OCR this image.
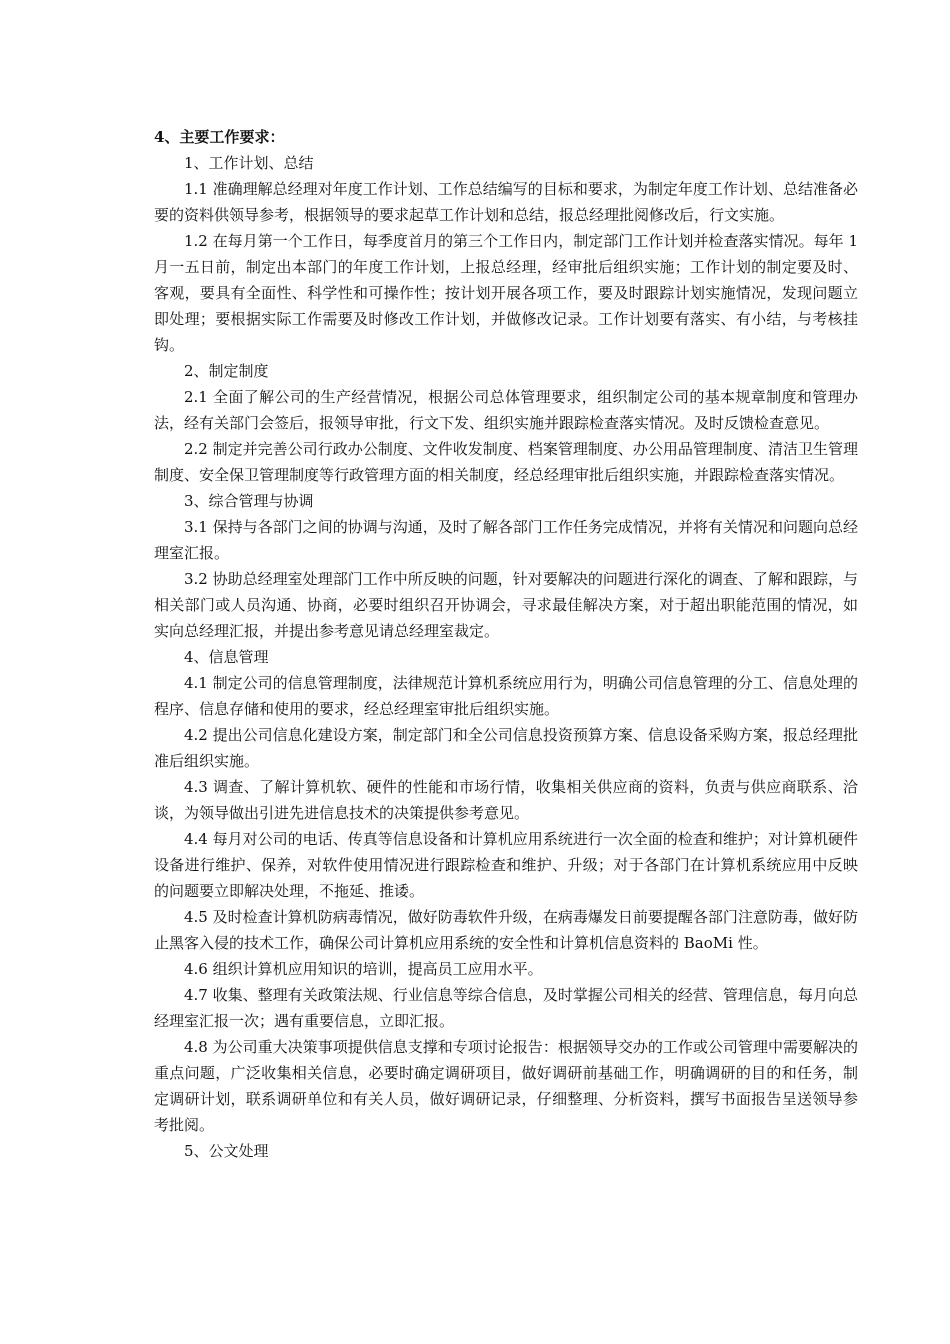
4、主要工作要求：

1、工作计划、总结

1.1 准确理解总经理对年度工作计划、工作总结编写的目标和要求，为制定年度工作计划、总结准备必要的资料供领导参考，根据领导的要求起草工作计划和总结，报总经理批阅修改后，行文实施。

1.2 在每月第一个工作日，每季度首月的第三个工作日内，制定部门工作计划并检查落实情况。每年 1 月一五日前，制定出本部门的年度工作计划，上报总经理，经审批后组织实施；工作计划的制定要及时、客观，要具有全面性、科学性和可操作性；按计划开展各项工作，要及时跟踪计划实施情况，发现问题立即处理；要根据实际工作需要及时修改工作计划，并做修改记录。工作计划要有落实、有小结，与考核挂钩。

2、制定制度

2.1 全面了解公司的生产经营情况，根据公司总体管理要求，组织制定公司的基本规章制度和管理办法，经有关部门会签后，报领导审批，行文下发、组织实施并跟踪检查落实情况。及时反馈检查意见。

2.2 制定并完善公司行政办公制度、文件收发制度、档案管理制度、办公用品管理制度、清洁卫生管理制度、安全保卫管理制度等行政管理方面的相关制度，经总经理审批后组织实施，并跟踪检查落实情况。

3、综合管理与协调

3.1 保持与各部门之间的协调与沟通，及时了解各部门工作任务完成情况，并将有关情况和问题向总经理室汇报。

3.2 协助总经理室处理部门工作中所反映的问题，针对要解决的问题进行深化的调查、了解和跟踪，与相关部门或人员沟通、协商，必要时组织召开协调会，寻求最佳解决方案，对于超出职能范围的情况，如实向总经理汇报，并提出参考意见请总经理室裁定。

4、信息管理

4.1 制定公司的信息管理制度，法律规范计算机系统应用行为，明确公司信息管理的分工、信息处理的程序、信息存储和使用的要求，经总经理室审批后组织实施。

4.2 提出公司信息化建设方案，制定部门和全公司信息投资预算方案、信息设备采购方案，报总经理批准后组织实施。

4.3 调查、了解计算机软、硬件的性能和市场行情，收集相关供应商的资料，负责与供应商联系、洽谈，为领导做出引进先进信息技术的决策提供参考意见。

4.4 每月对公司的电话、传真等信息设备和计算机应用系统进行一次全面的检查和维护；对计算机硬件设备进行维护、保养，对软件使用情况进行跟踪检查和维护、升级；对于各部门在计算机系统应用中反映的问题要立即解决处理，不拖延、推诿。

4.5 及时检查计算机防病毒情况，做好防毒软件升级，在病毒爆发日前要提醒各部门注意防毒，做好防止黑客入侵的技术工作，确保公司计算机应用系统的安全性和计算机信息资料的 BaoMi 性。

4.6 组织计算机应用知识的培训，提高员工应用水平。

4.7 收集、整理有关政策法规、行业信息等综合信息，及时掌握公司相关的经营、管理信息，每月向总经理室汇报一次；遇有重要信息，立即汇报。

4.8 为公司重大决策事项提供信息支撑和专项讨论报告：根据领导交办的工作或公司管理中需要解决的重点问题，广泛收集相关信息，必要时确定调研项目，做好调研前基础工作，明确调研的目的和任务，制定调研计划，联系调研单位和有关人员，做好调研记录，仔细整理、分析资料，撰写书面报告呈送领导参考批阅。

5、公文处理
